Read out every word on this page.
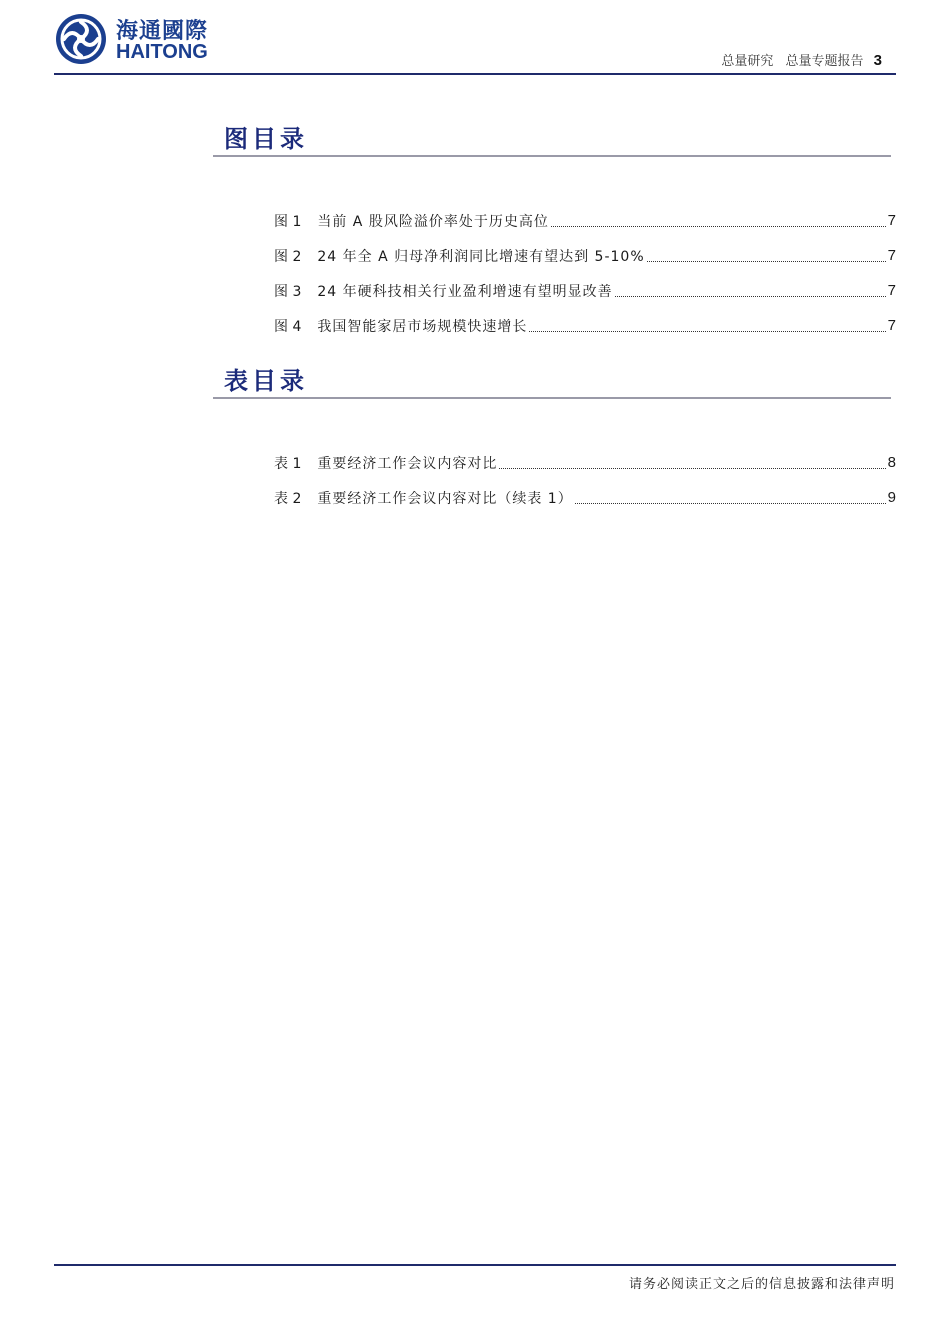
海通國際
HAITONG	总量研究 总量专题报告 3
图目录
图 1 当前 A 股风险溢价率处于历史高位	7
图 2 24 年全 A 归母净利润同比增速有望达到 5-10%	7
图 3 24 年硬科技相关行业盈利增速有望明显改善	7
图 4 我国智能家居市场规模快速增长	7
表目录
表 1 重要经济工作会议内容对比	8
表 2 重要经济工作会议内容对比（续表 1）	9
请务必阅读正文之后的信息披露和法律声明
